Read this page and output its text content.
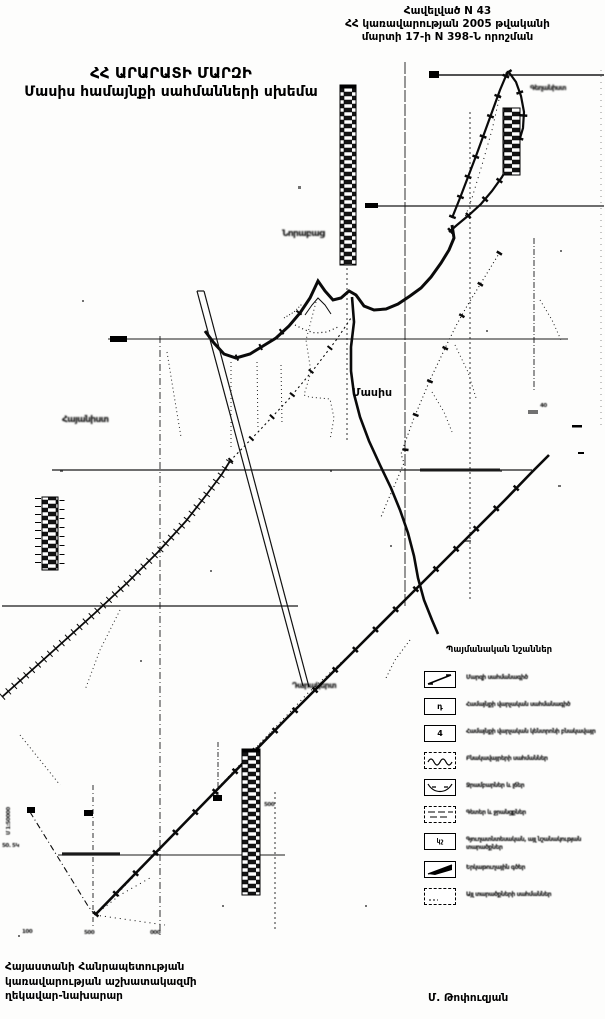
Հավելված N 43
ՀՀ կառավարության 2005 թվականի
մարտի 17-ի N 398-Ն որոշման
ՀՀ ԱՐԱՐԱՏԻ ՄԱՐԶԻ
Մասիս համայնքի սահմանների սխեմա
Մասիս
Հայանիստ
Նորաբաց
Դարակերտ
Գեղանիստ
100	500	000
500
40
50. 5Կ
Մ 1:50000
Պայմանական նշաններ
Մարզի սահմանագիծ
դ	Համայնքի վարչական սահմանագիծ
4	Համայնքի վարչական կենտրոնի բնակավայր
Բնակավայրերի սահմաններ
Ջրամբարներ և լճեր
Գետեր և ջրանցքներ
կշ	Գյուղատնտեսական, այլ նշանակության տարածքներ
Երկաթուղային գծեր
Այլ տարածքների սահմաններ
Հայաստանի Հանրապետության
կառավարության աշխատակազմի
ղեկավար-նախարար	Մ. Թոփուզյան
